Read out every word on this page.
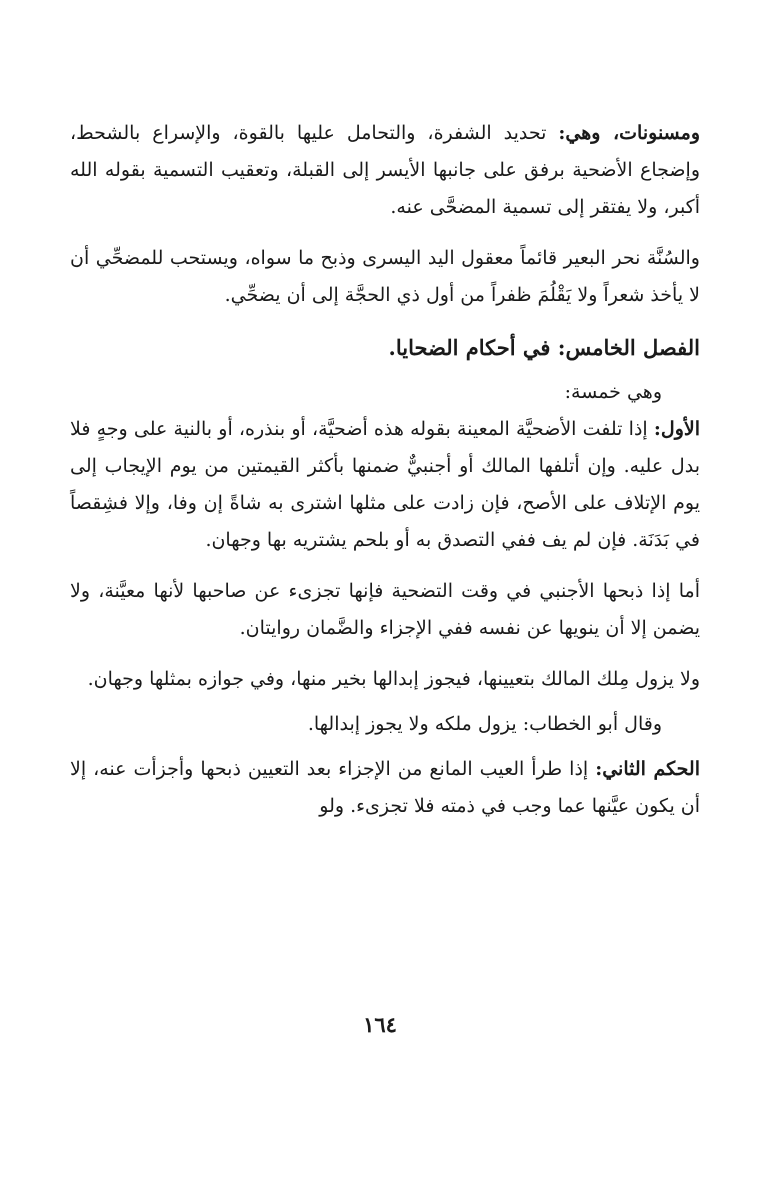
ومسنونات، وهي: تحديد الشفرة، والتحامل عليها بالقوة، والإسراع بالشحط، وإضجاع الأضحية برفق على جانبها الأيسر إلى القبلة، وتعقيب التسمية بقوله الله أكبر، ولا يفتقر إلى تسمية المضحَّى عنه.

والسُنَّة نحر البعير قائماً معقول اليد اليسرى وذبح ما سواه، ويستحب للمضحِّي أن لا يأخذ شعراً ولا يَقْلُمَ ظفراً من أول ذي الحجَّة إلى أن يضحِّي.

الفصل الخامس: في أحكام الضحايا.

وهي خمسة:

الأول: إذا تلفت الأضحيَّة المعينة بقوله هذه أضحيَّة، أو بنذره، أو بالنية على وجهٍ فلا بدل عليه. وإن أتلفها المالك أو أجنبيٌّ ضمنها بأكثر القيمتين من يوم الإيجاب إلى يوم الإتلاف على الأصح، فإن زادت على مثلها اشترى به شاةً إن وفا، وإلا فشِقصاً في بَدَنَة. فإن لم يف ففي التصدق به أو بلحم يشتريه بها وجهان.

أما إذا ذبحها الأجنبي في وقت التضحية فإنها تجزىء عن صاحبها لأنها معيَّنة، ولا يضمن إلا أن ينويها عن نفسه ففي الإجزاء والضَّمان روايتان.

ولا يزول مِلك المالك بتعيينها، فيجوز إبدالها بخير منها، وفي جوازه بمثلها وجهان.

وقال أبو الخطاب: يزول ملكه ولا يجوز إبدالها.

الحكم الثاني: إذا طرأ العيب المانع من الإجزاء بعد التعيين ذبحها وأجزأت عنه، إلا أن يكون عيَّنها عما وجب في ذمته فلا تجزىء. ولو

١٦٤
